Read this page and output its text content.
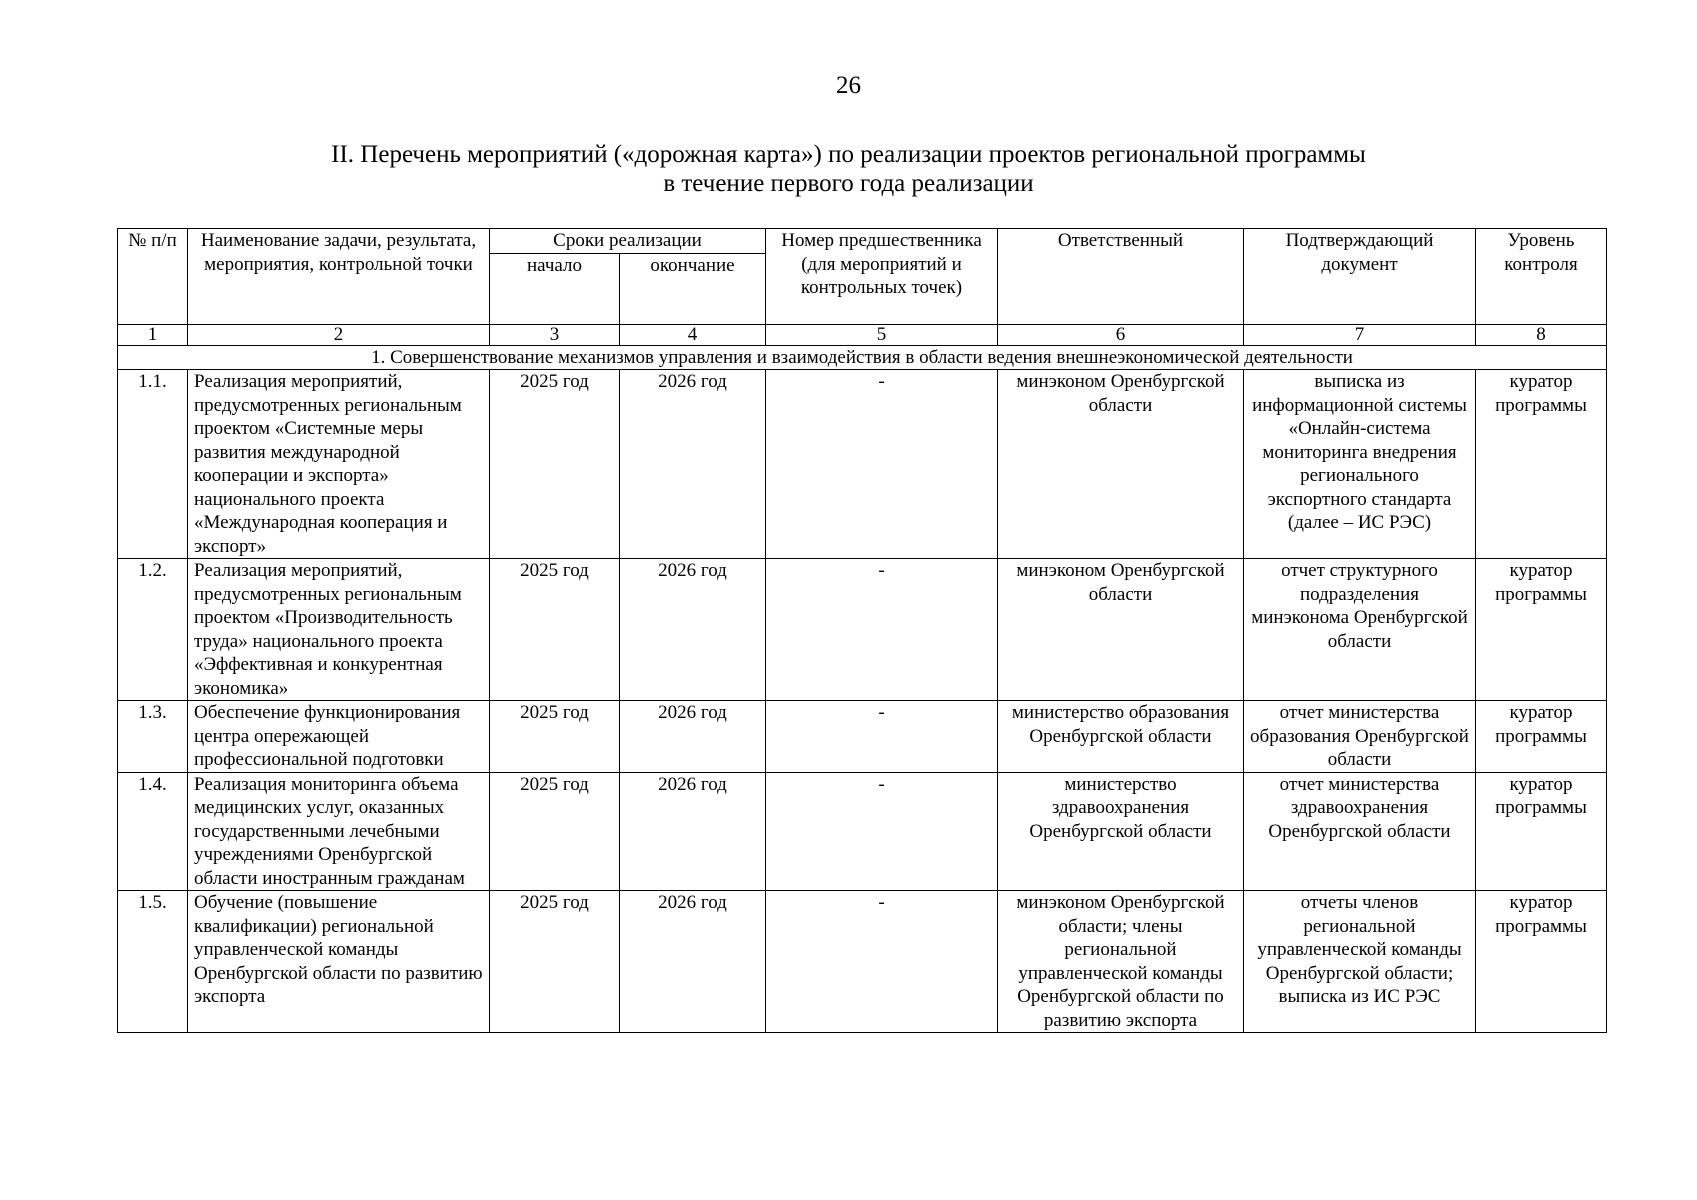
26
II. Перечень мероприятий («дорожная карта») по реализации проектов региональной программы
в течение первого года реализации
№ п/п	Наименование задачи, результата, мероприятия, контрольной точки	Сроки реализации		Номер предшественника (для мероприятий и контрольных точек)	Ответственный	Подтверждающий документ	Уровень контроля
		начало	окончание				
1	2	3	4	5	6	7	8
1. Совершенствование механизмов управления и взаимодействия в области ведения внешнеэкономической деятельности							
1.1.	Реализация мероприятий, предусмотренных региональным проектом «Системные меры развития международной кооперации и экспорта» национального проекта «Международная кооперация и экспорт»	2025 год	2026 год	-	минэконом Оренбургской области	выписка из информационной системы «Онлайн-система мониторинга внедрения регионального экспортного стандарта (далее – ИС РЭС)	куратор программы
1.2.	Реализация мероприятий, предусмотренных региональным проектом «Производительность труда» национального проекта «Эффективная и конкурентная экономика»	2025 год	2026 год	-	минэконом Оренбургской области	отчет структурного подразделения минэконома Оренбургской области	куратор программы
1.3.	Обеспечение функционирования центра опережающей профессиональной подготовки	2025 год	2026 год	-	министерство образования Оренбургской области	отчет министерства образования Оренбургской области	куратор программы
1.4.	Реализация мониторинга объема медицинских услуг, оказанных государственными лечебными учреждениями Оренбургской области иностранным гражданам	2025 год	2026 год	-	министерство здравоохранения Оренбургской области	отчет министерства здравоохранения Оренбургской области	куратор программы
1.5.	Обучение (повышение квалификации) региональной управленческой команды Оренбургской области по развитию экспорта	2025 год	2026 год	-	минэконом Оренбургской области; члены региональной управленческой команды Оренбургской области по развитию экспорта	отчеты членов региональной управленческой команды Оренбургской области; выписка из ИС РЭС	куратор программы
